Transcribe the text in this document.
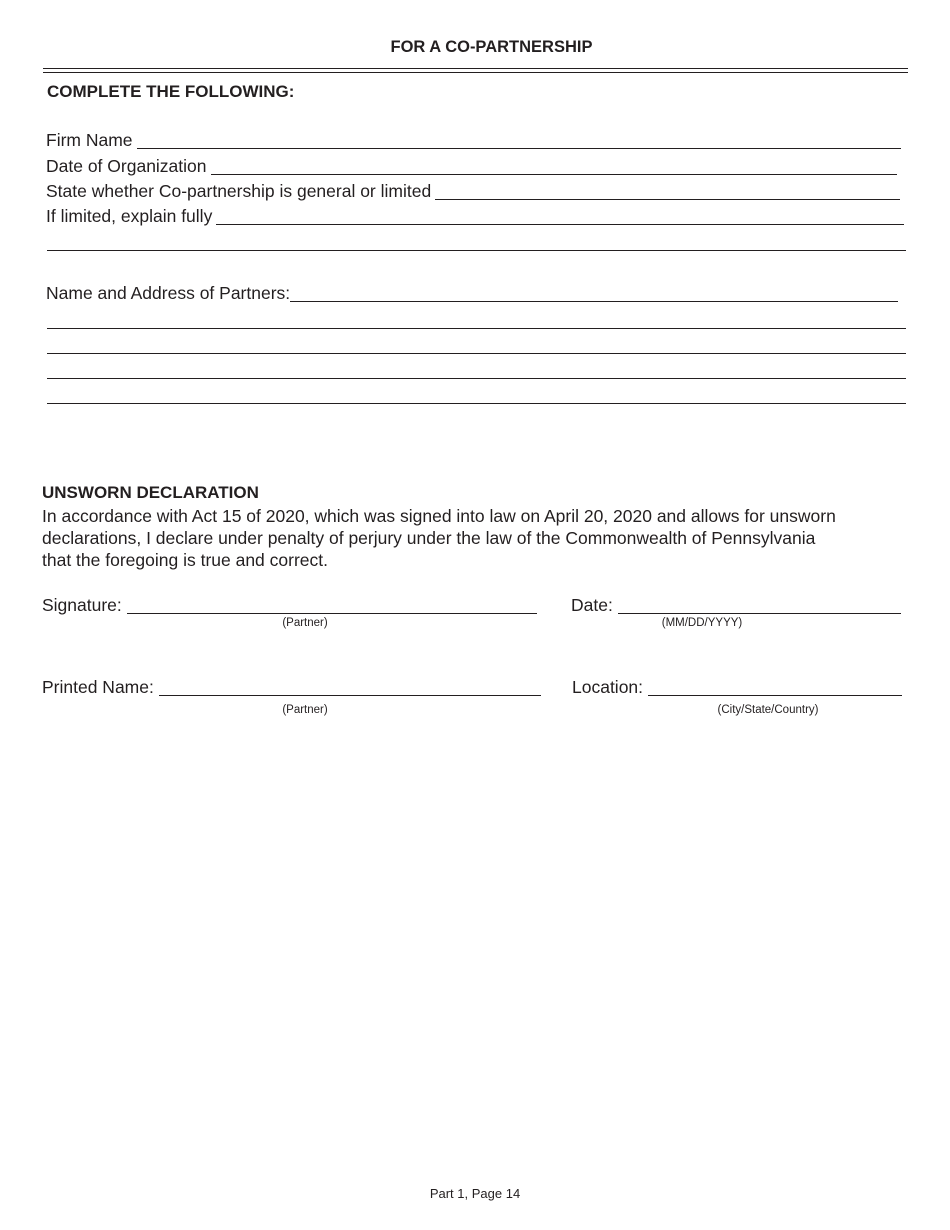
FOR A CO-PARTNERSHIP
COMPLETE THE FOLLOWING:
Firm Name
Date of Organization
State whether Co-partnership is general or limited
If limited, explain fully
Name and Address of Partners:
UNSWORN DECLARATION
In accordance with Act 15 of 2020, which was signed into law on April 20, 2020 and allows for unsworn
declarations, I declare under penalty of perjury under the law of the Commonwealth of Pennsylvania
that the foregoing is true and correct.
Signature:
(Partner)
Date:
(MM/DD/YYYY)
Printed Name:
(Partner)
Location:
(City/State/Country)
Part 1, Page 14
